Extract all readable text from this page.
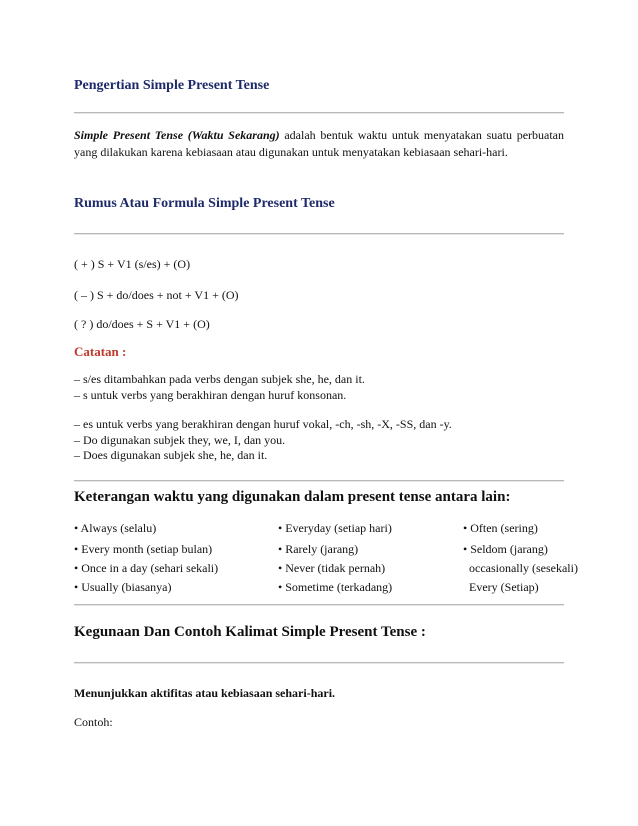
Pengertian Simple Present Tense
Simple Present Tense (Waktu Sekarang) adalah bentuk waktu untuk menyatakan suatu perbuatan yang dilakukan karena kebiasaan atau digunakan untuk menyatakan kebiasaan sehari-hari.
Rumus Atau Formula Simple Present Tense
( + ) S + V1 (s/es) + (O)
( – ) S + do/does + not + V1 + (O)
( ? ) do/does + S + V1 + (O)
Catatan :
– s/es ditambahkan pada verbs dengan subjek she, he, dan it.
– s untuk verbs yang berakhiran dengan huruf konsonan.
– es untuk verbs yang berakhiran dengan huruf vokal, -ch, -sh, -X, -SS, dan -y.
– Do digunakan subjek they, we, I, dan you.
– Does digunakan subjek she, he, dan it.
Keterangan waktu yang digunakan dalam present tense antara lain:
• Always (selalu)
• Every month (setiap bulan)
• Once in a day (sehari sekali)
• Usually (biasanya)
• Everyday (setiap hari)
• Rarely (jarang)
• Never (tidak pernah)
• Sometime (terkadang)
• Often (sering)
• Seldom (jarang)
occasionally (sesekali)
Every (Setiap)
Kegunaan Dan Contoh Kalimat Simple Present Tense :
Menunjukkan aktifitas atau kebiasaan sehari-hari.
Contoh:
